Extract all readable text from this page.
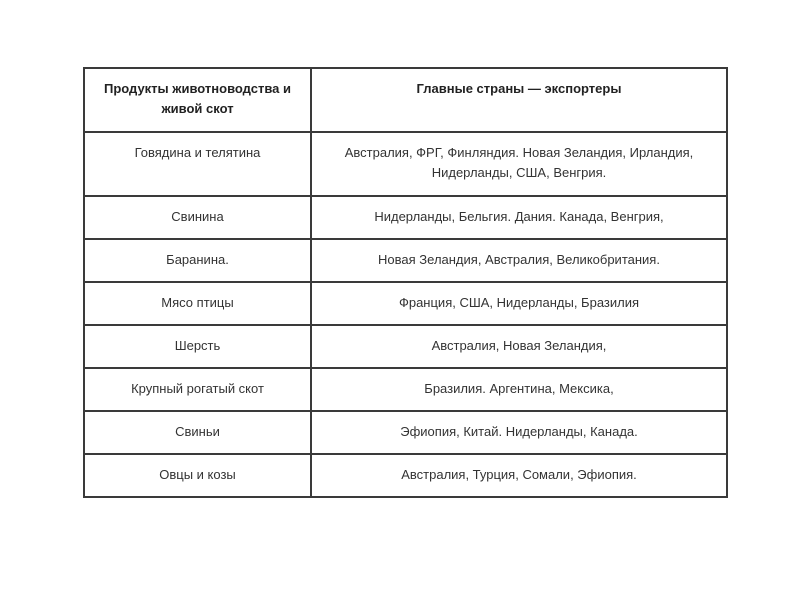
Продукты животноводства и живой скот	Главные страны — экспортеры
Говядина и телятина	Австралия, ФРГ, Финляндия. Новая Зеландия, Ирландия, Нидерланды, США, Венгрия.
Свинина	Нидерланды, Бельгия. Дания. Канада, Венгрия,
Баранина.	Новая Зеландия, Австралия, Великобритания.
Мясо птицы	Франция, США, Нидерланды, Бразилия
Шерсть	Австралия, Новая Зеландия,
Крупный рогатый скот	Бразилия. Аргентина, Мексика,
Свиньи	Эфиопия, Китай. Нидерланды, Канада.
Овцы и козы	Австралия, Турция, Сомали, Эфиопия.
